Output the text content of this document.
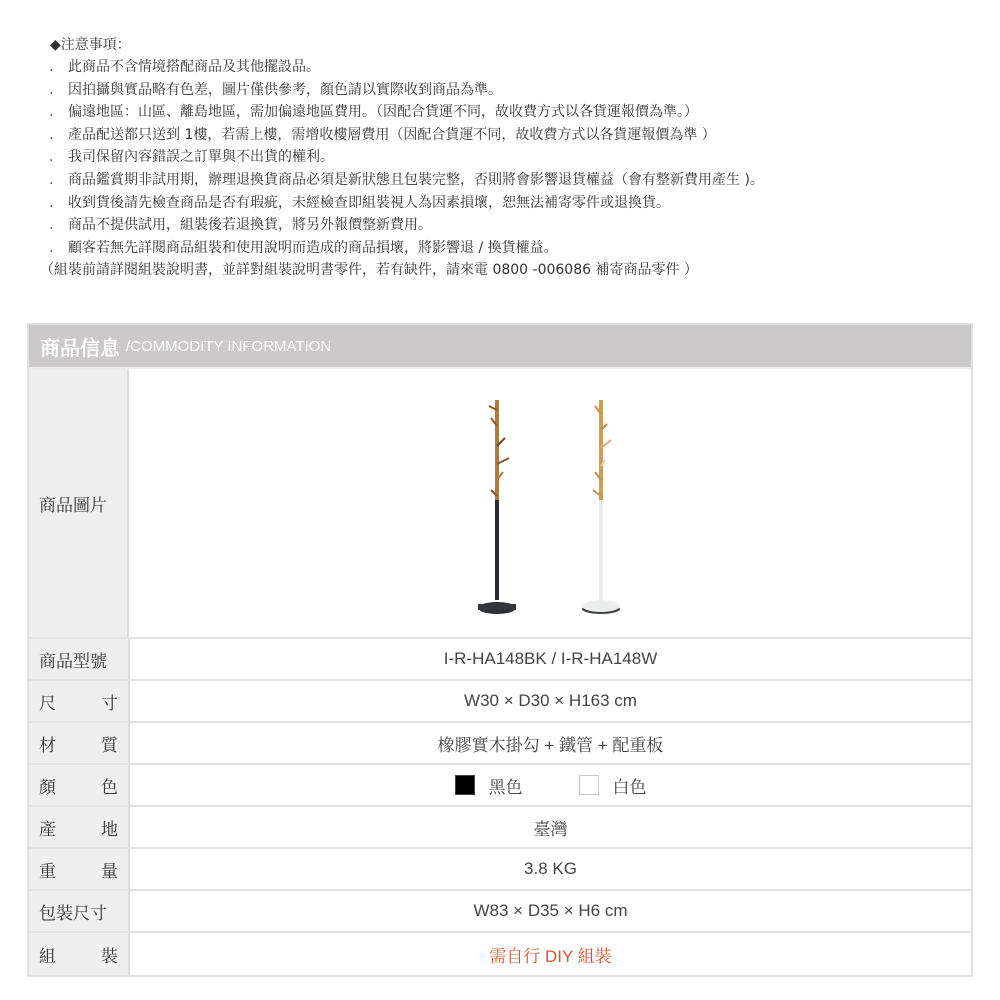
◆注意事項：
.	此商品不含情境搭配商品及其他擺設品。
.	因拍攝與實品略有色差，圖片僅供參考，顏色請以實際收到商品為準。
.	偏遠地區：山區、離島地區，需加偏遠地區費用。（因配合貨運不同，故收費方式以各貨運報價為準。）
.	產品配送都只送到 1樓，若需上樓，需增收樓層費用（因配合貨運不同，故收費方式以各貨運報價為準 ）
.	我司保留內容錯誤之訂單與不出貨的權利。
.	商品鑑賞期非試用期，辦理退換貨商品必須是新狀態且包裝完整，否則將會影響退貨權益（會有整新費用產生 )。
.	收到貨後請先檢查商品是否有瑕疵，未經檢查即組裝視人為因素損壞，恕無法補寄零件或退換貨。
.	商品不提供試用，組裝後若退換貨，將另外報價整新費用。
.	顧客若無先詳閱商品組裝和使用說明而造成的商品損壞，將影響退 / 換貨權益。
（組裝前請詳閱組裝說明書，並詳對組裝說明書零件，若有缺件，請來電 0800 -006086 補寄商品零件 ）
商品信息 /COMMODITY INFORMATION
商品圖片
商品型號	I-R-HA148BK / I-R-HA148W
尺	寸	W30 × D30 × H163 cm
材	質	橡膠實木掛勾 + 鐵管 + 配重板
顏	色	黑色	白色
產	地	臺灣
重	量	3.8 KG
包裝尺寸	W83 × D35 × H6 cm
組	裝	需自行 DIY 組裝
